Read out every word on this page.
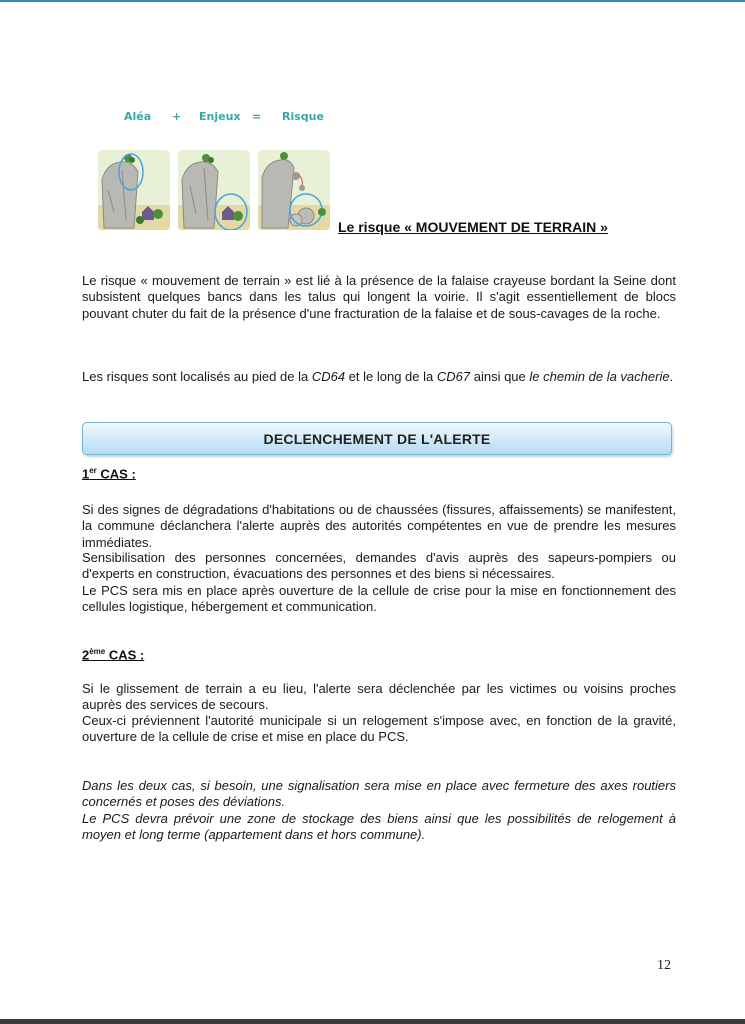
Aléa + Enjeux = Risque
Le risque « MOUVEMENT DE TERRAIN »

Le risque « mouvement de terrain » est lié à la présence de la falaise crayeuse bordant la Seine dont subsistent quelques bancs dans les talus qui longent la voirie. Il s'agit essentiellement de blocs pouvant chuter du fait de la présence d'une fracturation de la falaise et de sous-cavages de la roche.

Les risques sont localisés au pied de la CD64 et le long de la CD67 ainsi que le chemin de la vacherie.

DECLENCHEMENT DE L'ALERTE
1er CAS :

Si des signes de dégradations d'habitations ou de chaussées (fissures, affaissements) se manifestent, la commune déclanchera l'alerte auprès des autorités compétentes en vue de prendre les mesures immédiates.

Sensibilisation des personnes concernées, demandes d'avis auprès des sapeurs-pompiers ou d'experts en construction, évacuations des personnes et des biens si nécessaires.

Le PCS sera mis en place après ouverture de la cellule de crise pour la mise en fonctionnement des cellules logistique, hébergement et communication.

2ème CAS :

Si le glissement de terrain a eu lieu, l'alerte sera déclenchée par les victimes ou voisins proches auprès des services de secours.

Ceux-ci préviennent l'autorité municipale si un relogement s'impose avec, en fonction de la gravité, ouverture de la cellule de crise et mise en place du PCS.

Dans les deux cas, si besoin, une signalisation sera mise en place avec fermeture des axes routiers concernés et poses des déviations.

Le PCS devra prévoir une zone de stockage des biens ainsi que les possibilités de relogement à moyen et long terme (appartement dans et hors commune).

12
